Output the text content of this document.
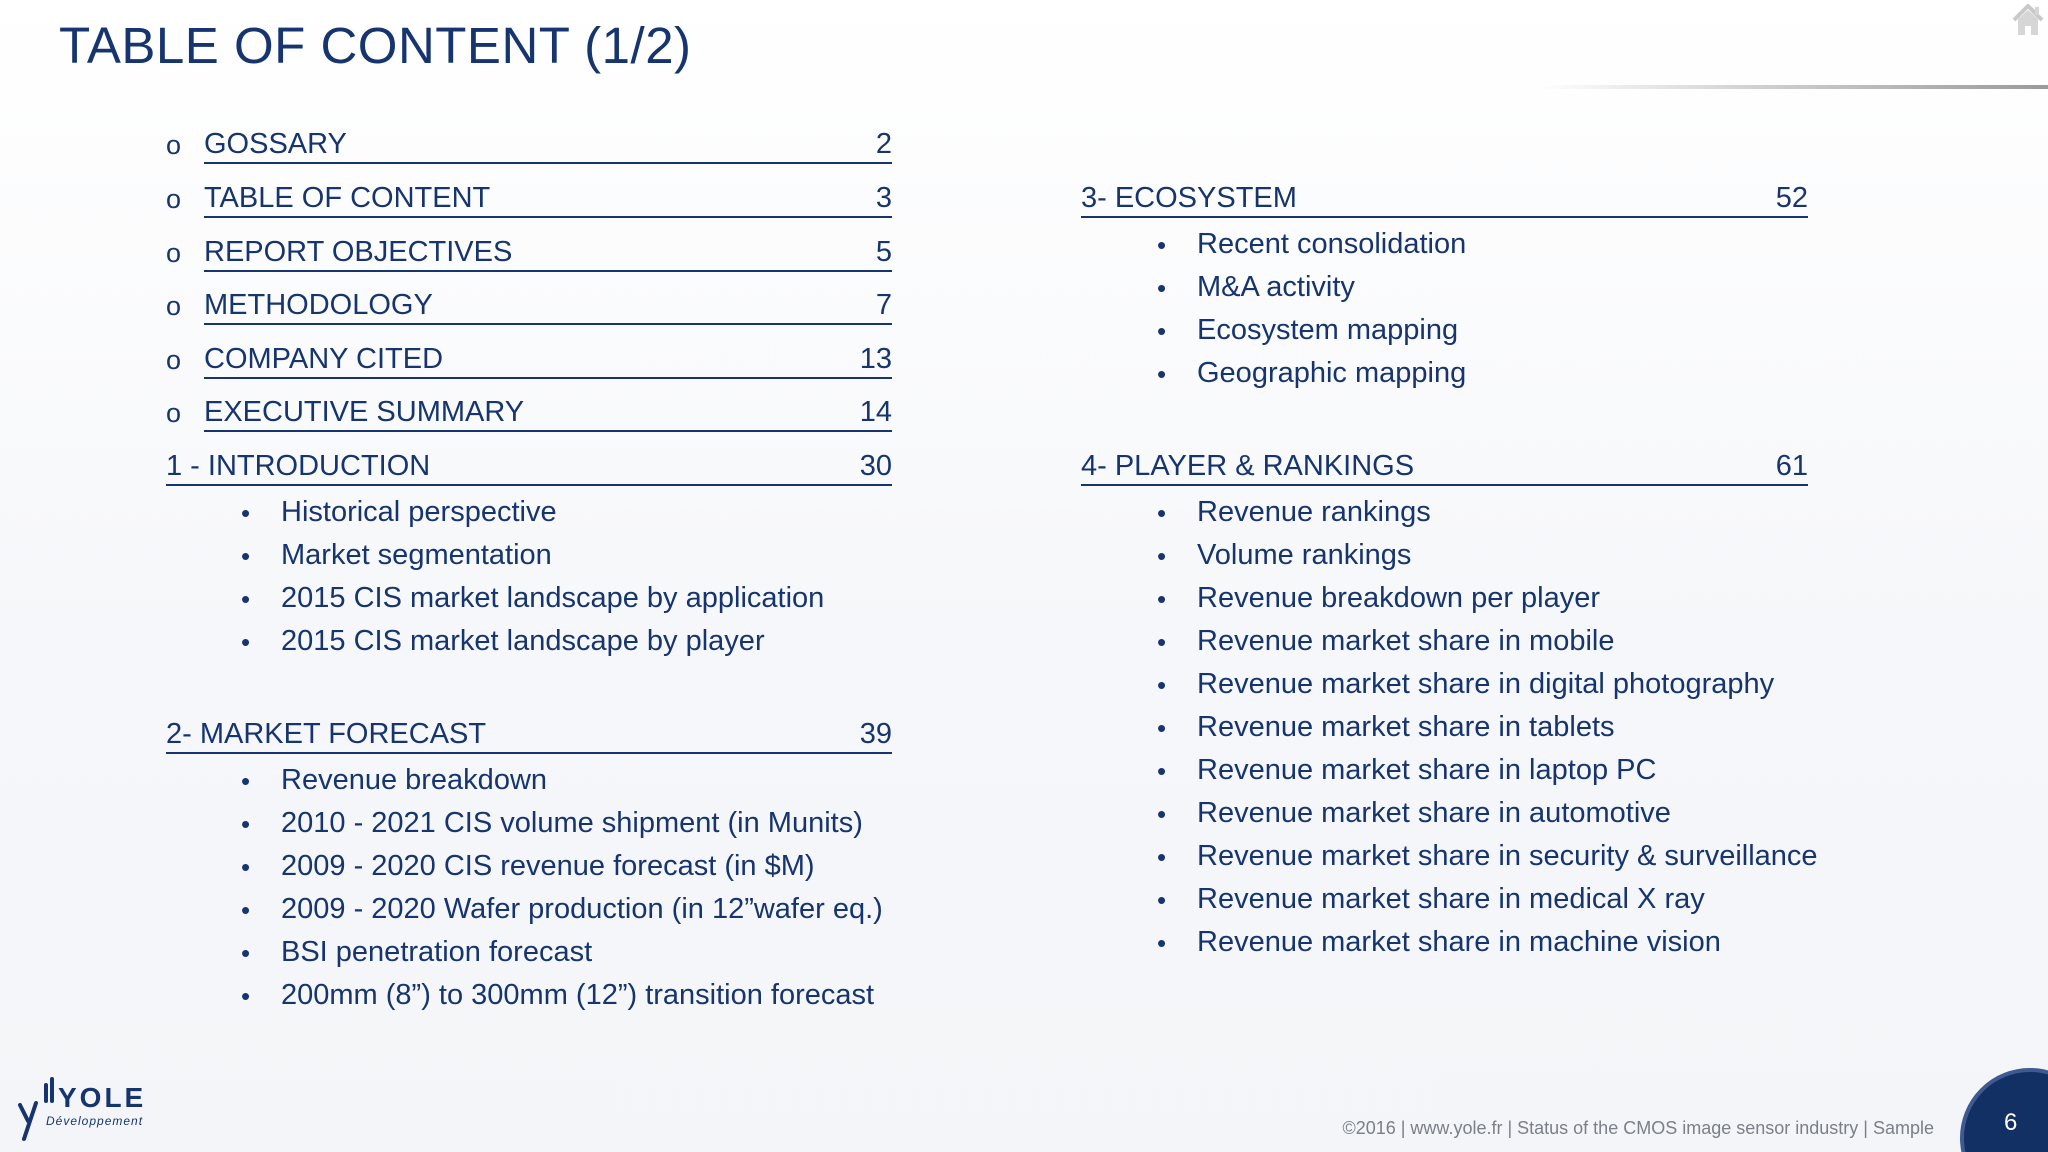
TABLE OF CONTENT (1/2)
o GOSSARY	2
o TABLE OF CONTENT	3
o REPORT OBJECTIVES	5
o METHODOLOGY	7
o COMPANY CITED	13
o EXECUTIVE SUMMARY	14
1 - INTRODUCTION	30
• Historical perspective
• Market segmentation
• 2015 CIS market landscape by application
• 2015 CIS market landscape by player
2- MARKET FORECAST	39
• Revenue breakdown
• 2010 - 2021 CIS volume shipment (in Munits)
• 2009 - 2020 CIS revenue forecast (in $M)
• 2009 - 2020 Wafer production (in 12”wafer eq.)
• BSI penetration forecast
• 200mm (8”) to 300mm (12”) transition forecast
3- ECOSYSTEM	52
• Recent consolidation
• M&A activity
• Ecosystem mapping
• Geographic mapping
4- PLAYER & RANKINGS	61
• Revenue rankings
• Volume rankings
• Revenue breakdown per player
• Revenue market share in mobile
• Revenue market share in digital photography
• Revenue market share in tablets
• Revenue market share in laptop PC
• Revenue market share in automotive
• Revenue market share in security & surveillance
• Revenue market share in medical X ray
• Revenue market share in machine vision
YOLE
Développement	©2016 | www.yole.fr | Status of the CMOS image sensor industry | Sample	6
